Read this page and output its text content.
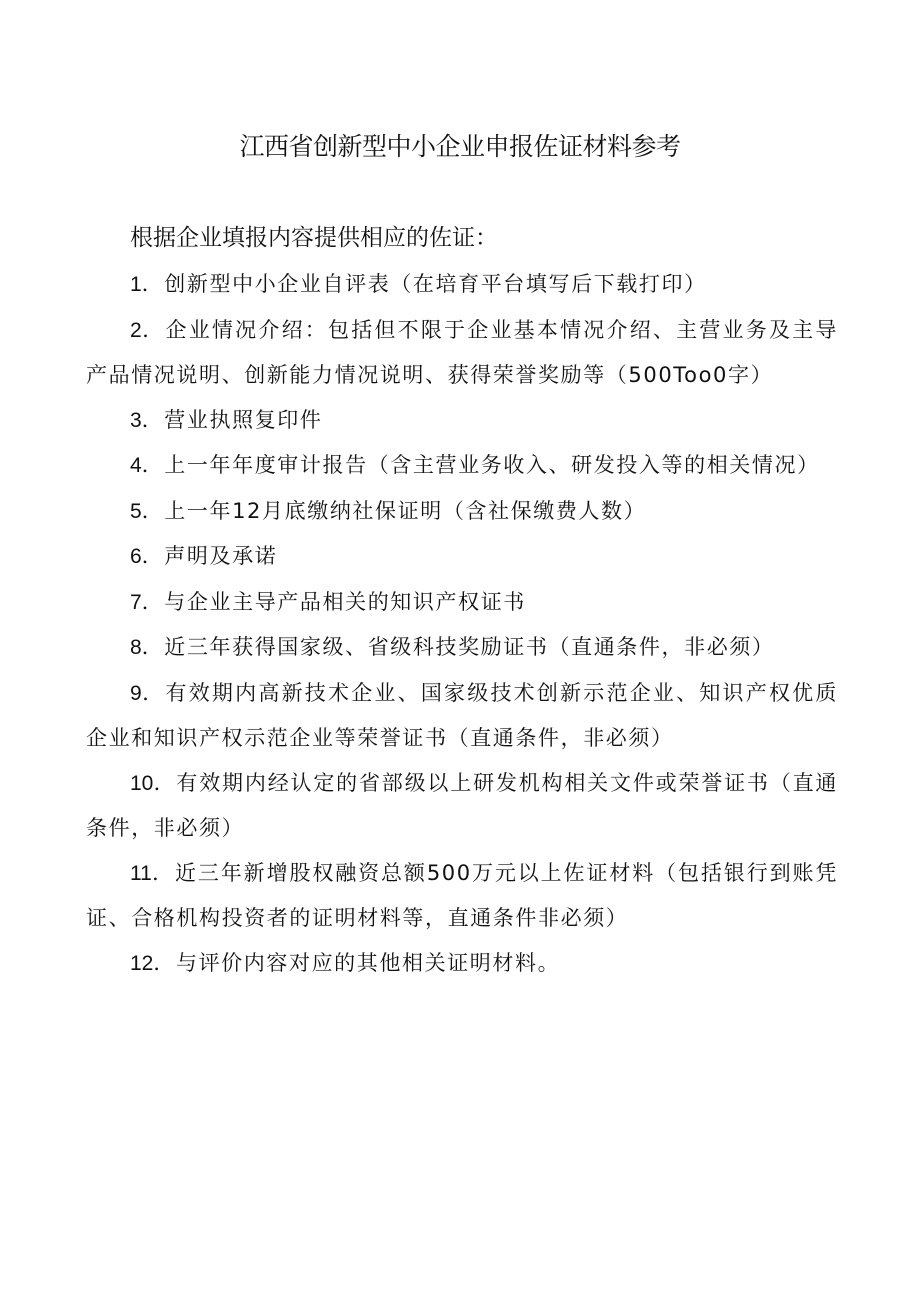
江西省创新型中小企业申报佐证材料参考
根据企业填报内容提供相应的佐证：
1．创新型中小企业自评表（在培育平台填写后下载打印）
2．企业情况介绍：包括但不限于企业基本情况介绍、主营业务及主导产品情况说明、创新能力情况说明、获得荣誉奖励等（500Too0字）
3．营业执照复印件
4．上一年年度审计报告（含主营业务收入、研发投入等的相关情况）
5．上一年12月底缴纳社保证明（含社保缴费人数）
6．声明及承诺
7．与企业主导产品相关的知识产权证书
8．近三年获得国家级、省级科技奖励证书（直通条件，非必须）
9．有效期内高新技术企业、国家级技术创新示范企业、知识产权优质企业和知识产权示范企业等荣誉证书（直通条件，非必须）
10．有效期内经认定的省部级以上研发机构相关文件或荣誉证书（直通条件，非必须）
11．近三年新增股权融资总额500万元以上佐证材料（包括银行到账凭证、合格机构投资者的证明材料等，直通条件非必须）
12．与评价内容对应的其他相关证明材料。
